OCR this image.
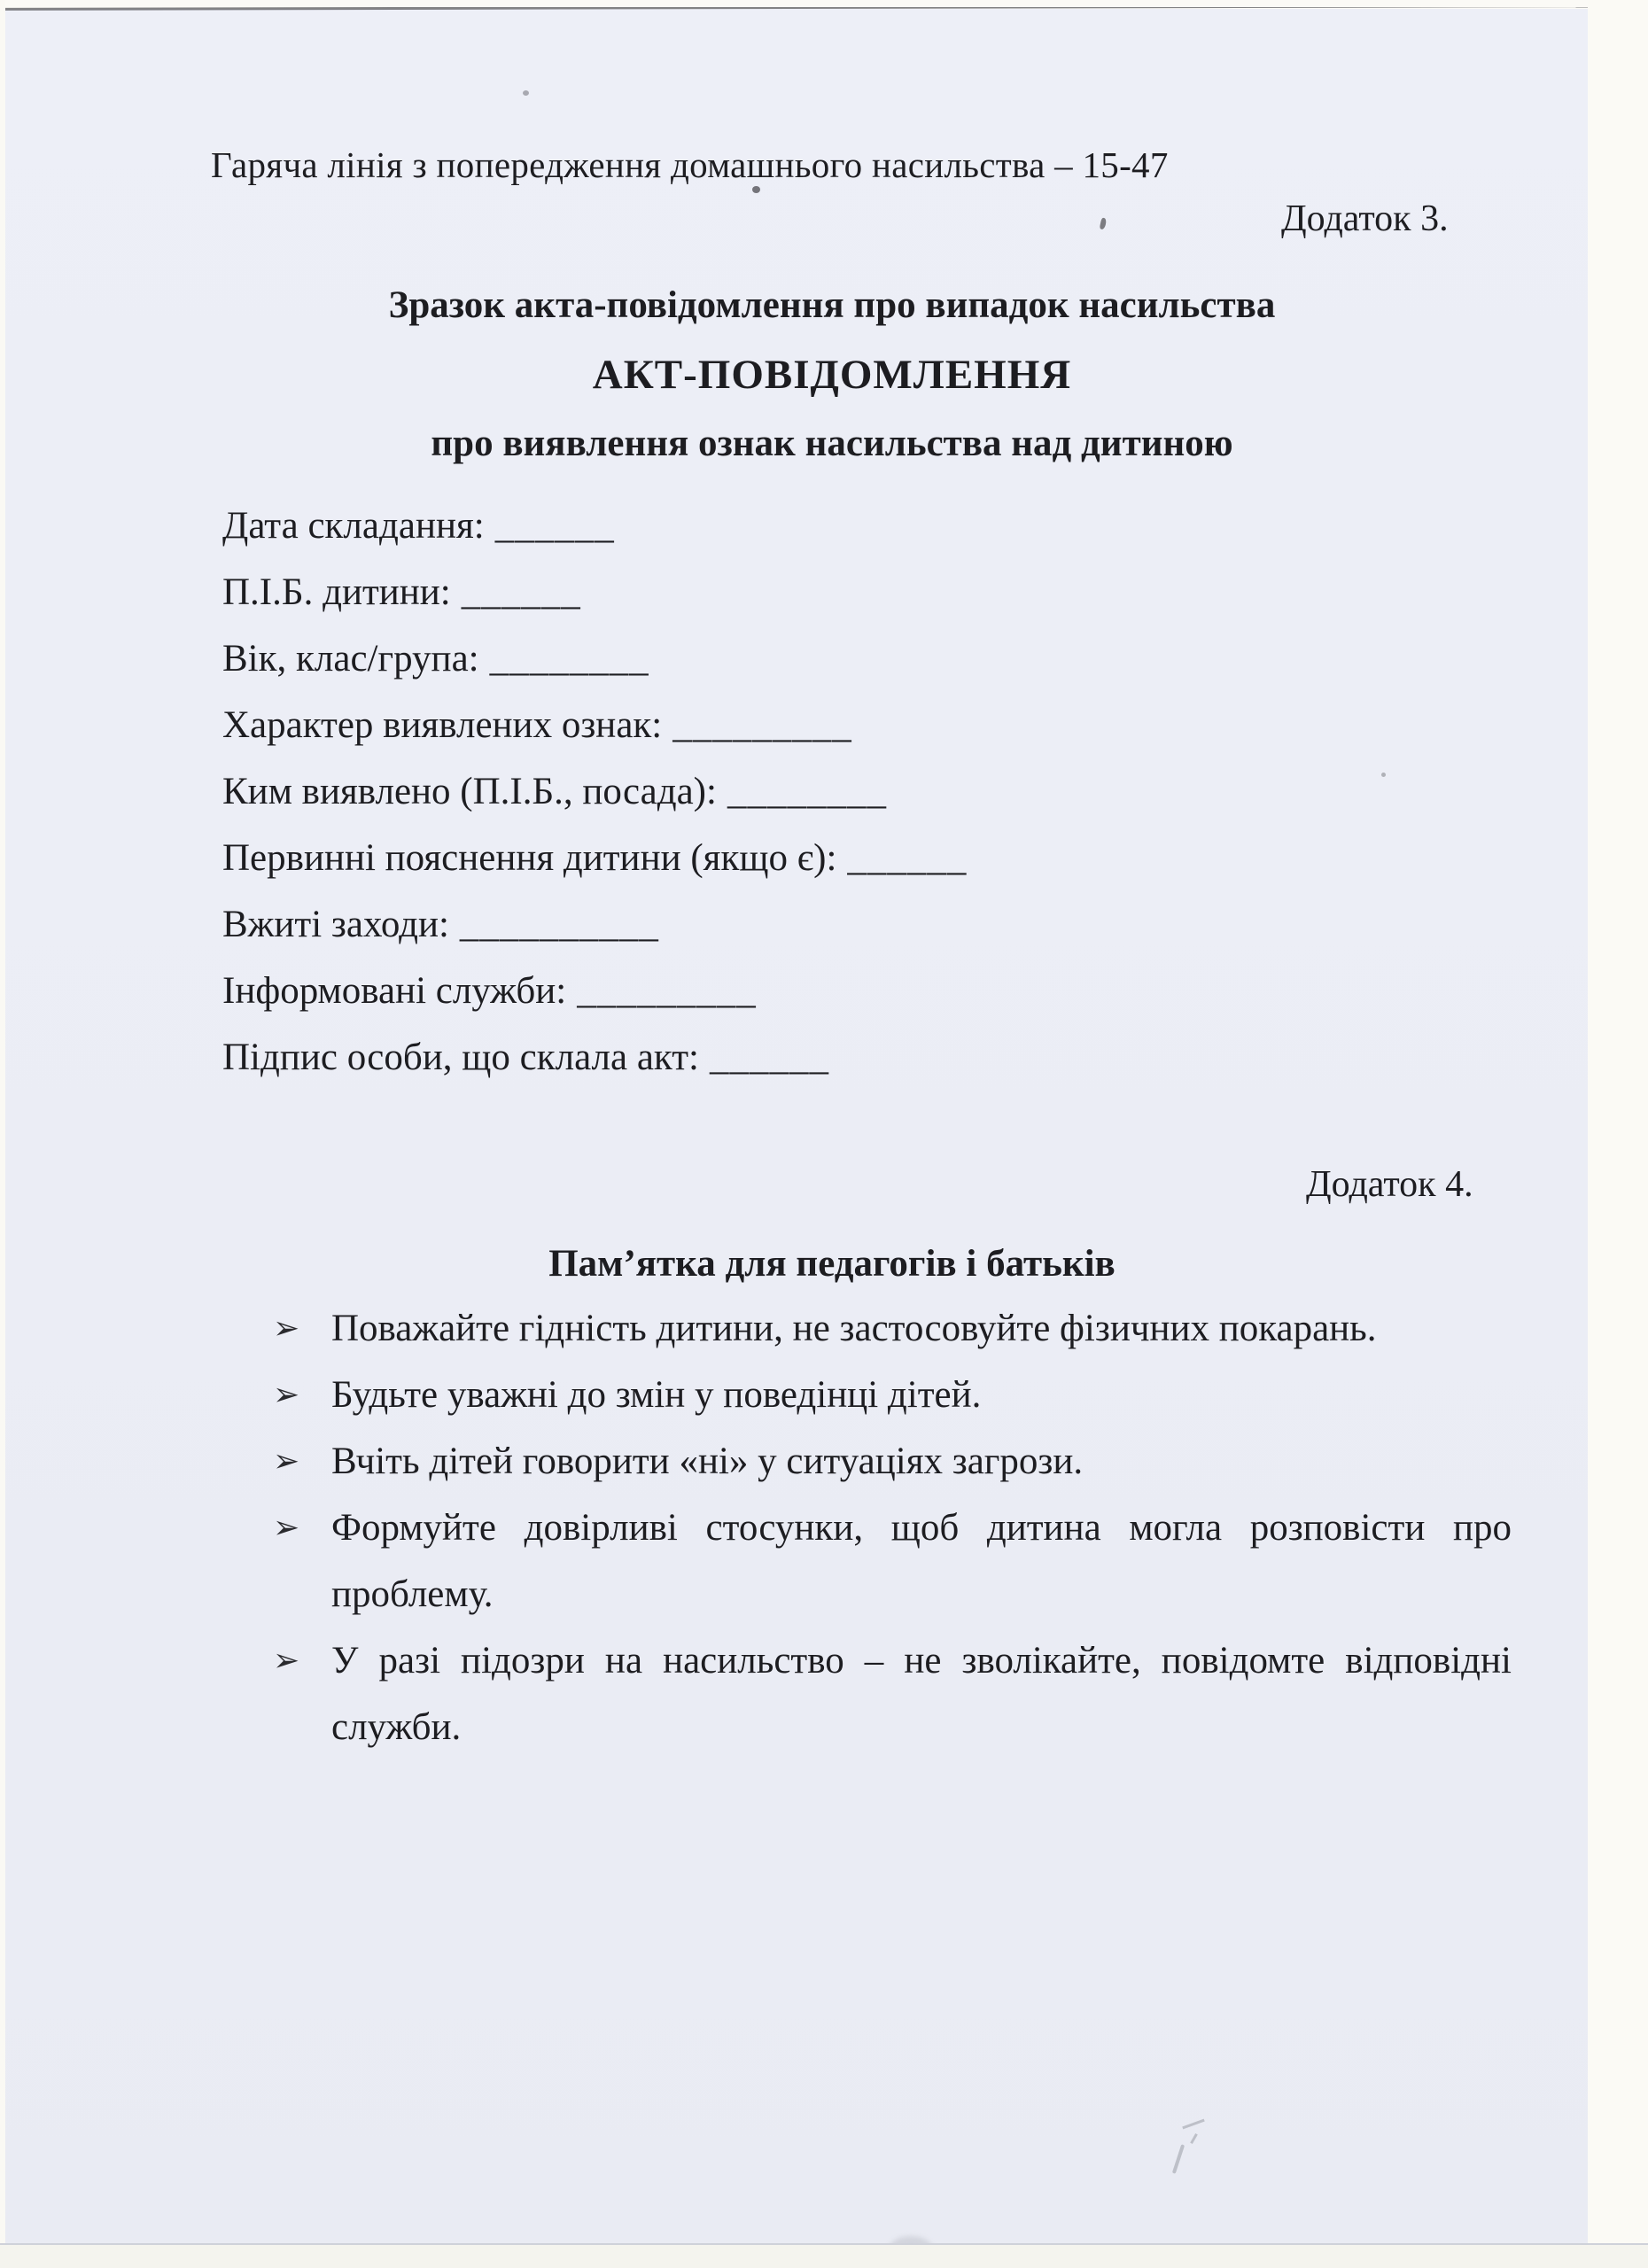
Гаряча лінія з попередження домашнього насильства – 15-47
Додаток 3.
Зразок акта-повідомлення про випадок насильства
АКТ-ПОВІДОМЛЕННЯ
про виявлення ознак насильства над дитиною
Дата складання: ______
П.І.Б. дитини: ______
Вік, клас/група: ________
Характер виявлених ознак: _________
Ким виявлено (П.І.Б., посада): ________
Первинні пояснення дитини (якщо є): ______
Вжиті заходи: __________
Інформовані служби: _________
Підпис особи, що склала акт: ______
Додаток 4.
Пам’ятка для педагогів і батьків
➢ Поважайте гідність дитини, не застосовуйте фізичних покарань.
➢ Будьте уважні до змін у поведінці дітей.
➢ Вчіть дітей говорити «ні» у ситуаціях загрози.
➢ Формуйте довірливі стосунки, щоб дитина могла розповісти про
проблему.
➢ У разі підозри на насильство – не зволікайте, повідомте відповідні
служби.
